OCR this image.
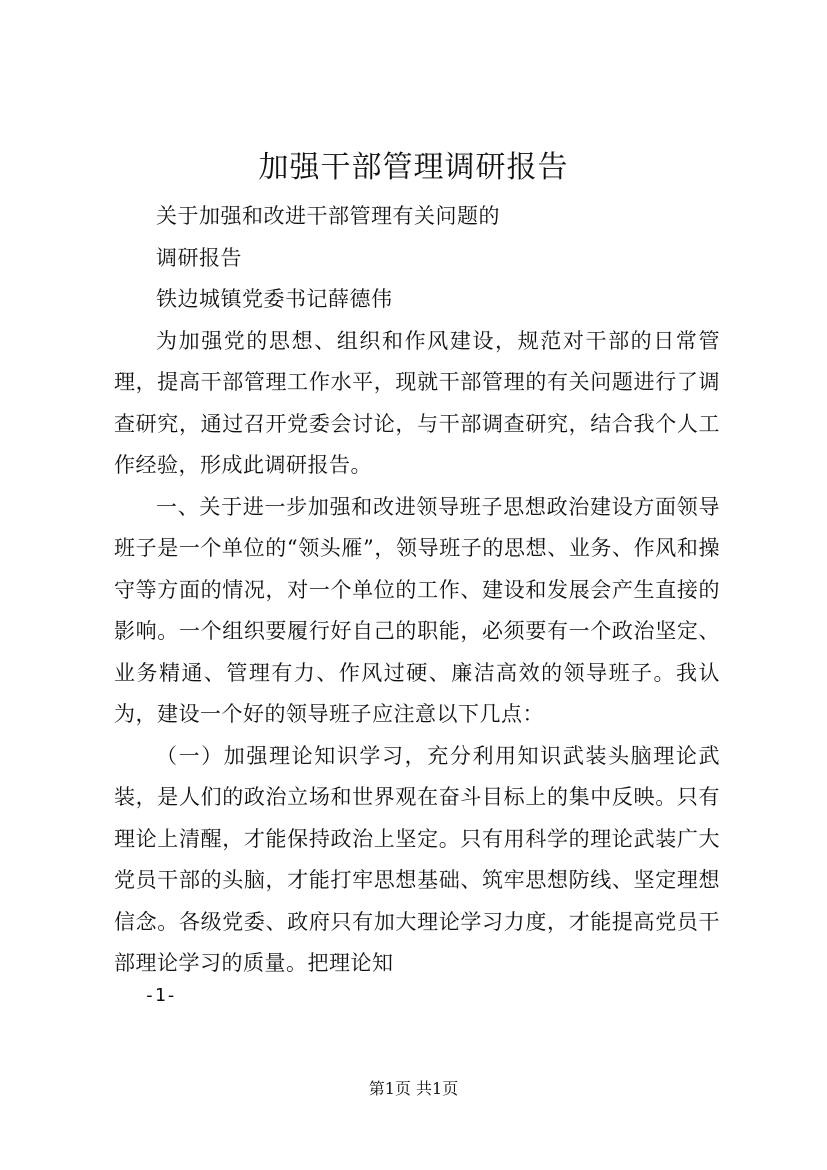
加强干部管理调研报告
关于加强和改进干部管理有关问题的
调研报告
铁边城镇党委书记薛德伟

为加强党的思想、组织和作风建设，规范对干部的日常管理，提高干部管理工作水平，现就干部管理的有关问题进行了调查研究，通过召开党委会讨论，与干部调查研究，结合我个人工作经验，形成此调研报告。

一、关于进一步加强和改进领导班子思想政治建设方面领导班子是一个单位的“领头雁”，领导班子的思想、业务、作风和操守等方面的情况，对一个单位的工作、建设和发展会产生直接的影响。一个组织要履行好自己的职能，必须要有一个政治坚定、业务精通、管理有力、作风过硬、廉洁高效的领导班子。我认为，建设一个好的领导班子应注意以下几点：

（一）加强理论知识学习，充分利用知识武装头脑理论武装，是人们的政治立场和世界观在奋斗目标上的集中反映。只有理论上清醒，才能保持政治上坚定。只有用科学的理论武装广大党员干部的头脑，才能打牢思想基础、筑牢思想防线、坚定理想信念。各级党委、政府只有加大理论学习力度，才能提高党员干部理论学习的质量。把理论知

-1-
第1页 共1页
